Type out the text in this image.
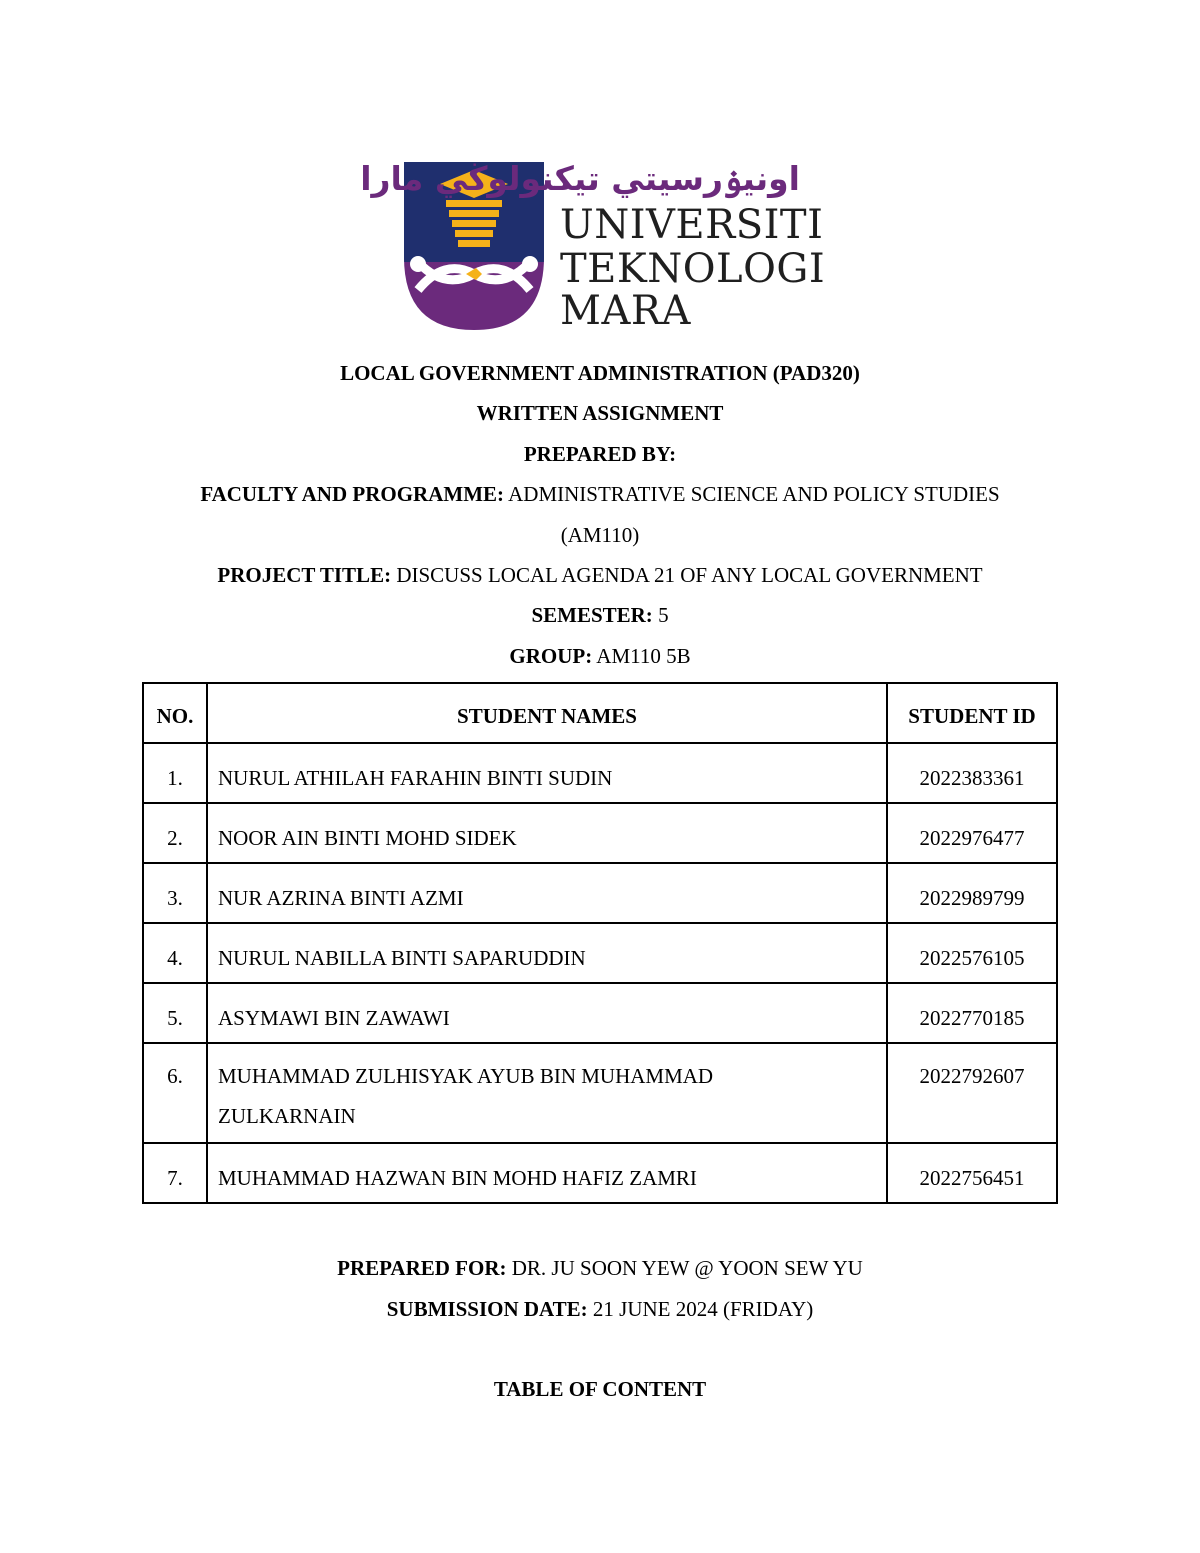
اونيۏرسيتي تيكنولوڬي مارا
UNIVERSITI
TEKNOLOGI
MARA
LOCAL GOVERNMENT ADMINISTRATION (PAD320)
WRITTEN ASSIGNMENT
PREPARED BY:
FACULTY AND PROGRAMME: ADMINISTRATIVE SCIENCE AND POLICY STUDIES
(AM110)
PROJECT TITLE: DISCUSS LOCAL AGENDA 21 OF ANY LOCAL GOVERNMENT
SEMESTER: 5
GROUP: AM110 5B
NO.	STUDENT NAMES	STUDENT ID

1.	NURUL ATHILAH FARAHIN BINTI SUDIN	2022383361

2.	NOOR AIN BINTI MOHD SIDEK	2022976477

3.	NUR AZRINA BINTI AZMI	2022989799

4.	NURUL NABILLA BINTI SAPARUDDIN	2022576105

5.	ASYMAWI BIN ZAWAWI	2022770185

6.	MUHAMMAD ZULHISYAK AYUB BIN MUHAMMAD
ZULKARNAIN	2022792607

7.	MUHAMMAD HAZWAN BIN MOHD HAFIZ ZAMRI	2022756451
PREPARED FOR: DR. JU SOON YEW @ YOON SEW YU
SUBMISSION DATE: 21 JUNE 2024 (FRIDAY)
TABLE OF CONTENT
